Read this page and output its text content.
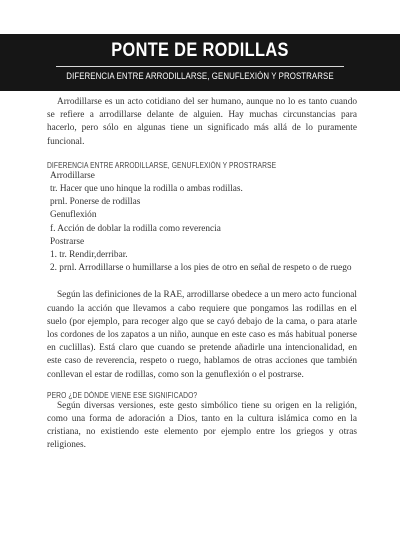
PONTE DE RODILLAS
DIFERENCIA ENTRE ARRODILLARSE, GENUFLEXIÓN Y PROSTRARSE

Arrodillarse es un acto cotidiano del ser humano, aunque no lo es tanto cuando se refiere a arrodillarse delante de alguien. Hay muchas circunstancias para hacerlo, pero sólo en algunas tiene un significado más allá de lo puramente funcional.

DIFERENCIA ENTRE ARRODILLARSE, GENUFLEXIÓN Y PROSTRARSE

Arrodillarse

tr. Hacer que uno hinque la rodilla o ambas rodillas.

prnl. Ponerse de rodillas

Genuflexión

f. Acción de doblar la rodilla como reverencia

Postrarse

1. tr. Rendir,derribar.

2. prnl. Arrodillarse o humillarse a los pies de otro en señal de respeto o de ruego

Según las definiciones de la RAE, arrodillarse obedece a un mero acto funcional cuando la acción que llevamos a cabo requiere que pongamos las rodillas en el suelo (por ejemplo, para recoger algo que se cayó debajo de la cama, o para atarle los cordones de los zapatos a un niño, aunque en este caso es más habitual ponerse en cuclillas). Está claro que cuando se pretende añadirle una intencionalidad, en este caso de reverencia, respeto o ruego, hablamos de otras acciones que también conllevan el estar de rodillas, como son la genuflexión o el postrarse.

PERO ¿DE DÓNDE VIENE ESE SIGNIFICADO?

Según diversas versiones, este gesto simbólico tiene su origen en la religión, como una forma de adoración a Dios, tanto en la cultura islámica como en la cristiana, no existiendo este elemento por ejemplo entre los griegos y otras religiones.
